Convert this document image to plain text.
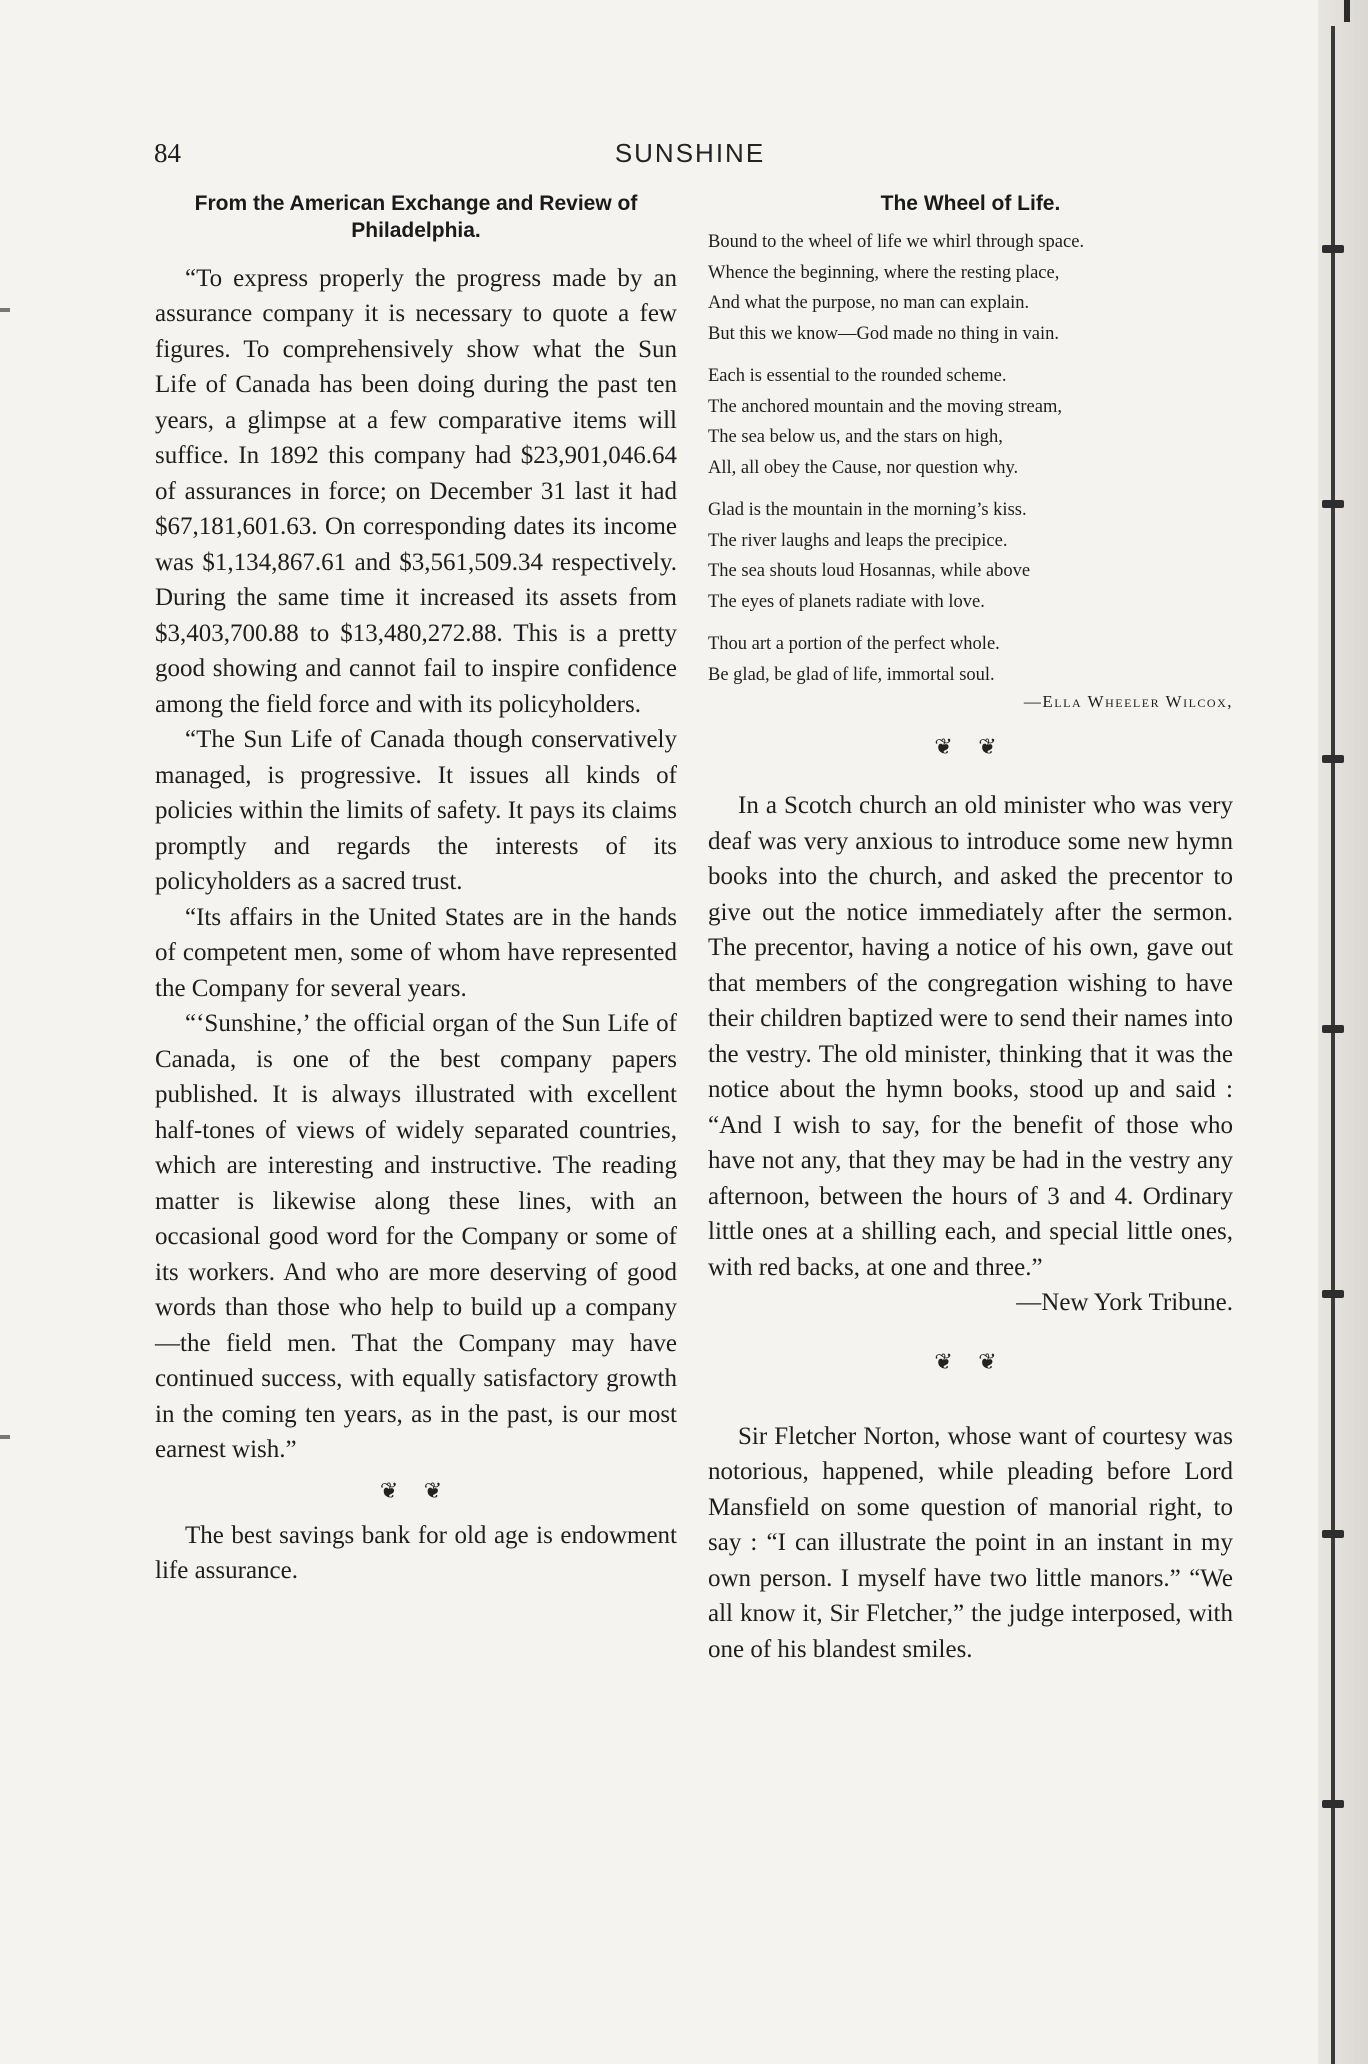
84	SUNSHINE
From the American Exchange and Review of Philadelphia.

“To express properly the progress made by an assurance company it is necessary to quote a few figures. To comprehensively show what the Sun Life of Canada has been doing during the past ten years, a glimpse at a few comparative items will suffice. In 1892 this company had $23,901,046.64 of assurances in force; on December 31 last it had $67,181,601.63. On corresponding dates its income was $1,134,867.61 and $3,561,509.34 respectively. During the same time it increased its assets from $3,403,700.88 to $13,480,272.88. This is a pretty good showing and cannot fail to inspire confidence among the field force and with its policyholders.

“The Sun Life of Canada though conservatively managed, is progressive. It issues all kinds of policies within the limits of safety. It pays its claims promptly and regards the interests of its policyholders as a sacred trust.

“Its affairs in the United States are in the hands of competent men, some of whom have represented the Company for several years.

“‘Sunshine,’ the official organ of the Sun Life of Canada, is one of the best company papers published. It is always illustrated with excellent half-tones of views of widely separated countries, which are interesting and instructive. The reading matter is likewise along these lines, with an occasional good word for the Company or some of its workers. And who are more deserving of good words than those who help to build up a company—the field men. That the Company may have continued success, with equally satisfactory growth in the coming ten years, as in the past, is our most earnest wish.”

❦ ❦

The best savings bank for old age is endowment life assurance.

The Wheel of Life.
Bound to the wheel of life we whirl through space.
Whence the beginning, where the resting place,
And what the purpose, no man can explain.
But this we know—God made no thing in vain.
Each is essential to the rounded scheme.
The anchored mountain and the moving stream,
The sea below us, and the stars on high,
All, all obey the Cause, nor question why.
Glad is the mountain in the morning’s kiss.
The river laughs and leaps the precipice.
The sea shouts loud Hosannas, while above
The eyes of planets radiate with love.
Thou art a portion of the perfect whole.
Be glad, be glad of life, immortal soul.
—Ella Wheeler Wilcox,
❦ ❦

In a Scotch church an old minister who was very deaf was very anxious to introduce some new hymn books into the church, and asked the precentor to give out the notice immediately after the sermon. The precentor, having a notice of his own, gave out that members of the congregation wishing to have their children baptized were to send their names into the vestry. The old minister, thinking that it was the notice about the hymn books, stood up and said : “And I wish to say, for the benefit of those who have not any, that they may be had in the vestry any afternoon, between the hours of 3 and 4. Ordinary little ones at a shilling each, and special little ones, with red backs, at one and three.”

—New York Tribune.

❦ ❦

Sir Fletcher Norton, whose want of courtesy was notorious, happened, while pleading before Lord Mansfield on some question of manorial right, to say : “I can illustrate the point in an instant in my own person. I myself have two little manors.” “We all know it, Sir Fletcher,” the judge interposed, with one of his blandest smiles.
